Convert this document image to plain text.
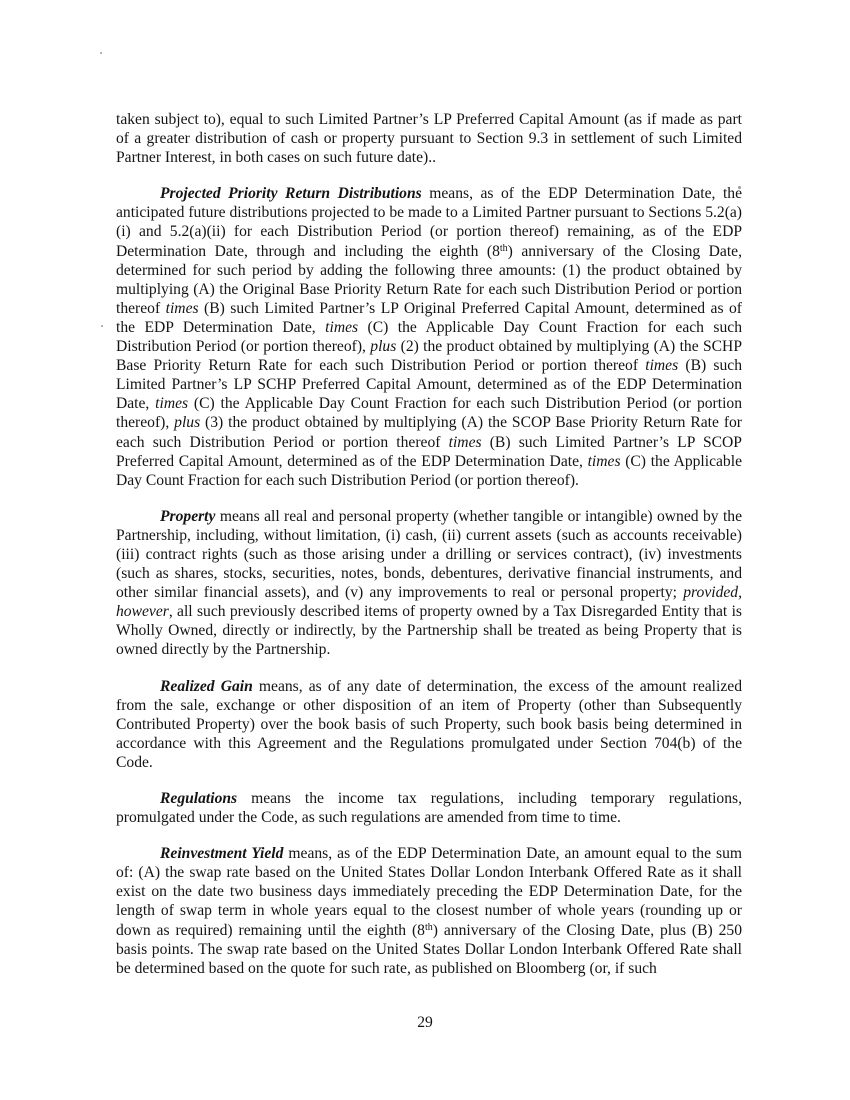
taken subject to), equal to such Limited Partner’s LP Preferred Capital Amount (as if made as part of a greater distribution of cash or property pursuant to Section 9.3 in settlement of such Limited Partner Interest, in both cases on such future date)..

Projected Priority Return Distributions means, as of the EDP Determination Date, the anticipated future distributions projected to be made to a Limited Partner pursuant to Sections 5.2(a)(i) and 5.2(a)(ii) for each Distribution Period (or portion thereof) remaining, as of the EDP Determination Date, through and including the eighth (8th) anniversary of the Closing Date, determined for such period by adding the following three amounts: (1) the product obtained by multiplying (A) the Original Base Priority Return Rate for each such Distribution Period or portion thereof times (B) such Limited Partner’s LP Original Preferred Capital Amount, determined as of the EDP Determination Date, times (C) the Applicable Day Count Fraction for each such Distribution Period (or portion thereof), plus (2) the product obtained by multiplying (A) the SCHP Base Priority Return Rate for each such Distribution Period or portion thereof times (B) such Limited Partner’s LP SCHP Preferred Capital Amount, determined as of the EDP Determination Date, times (C) the Applicable Day Count Fraction for each such Distribution Period (or portion thereof), plus (3) the product obtained by multiplying (A) the SCOP Base Priority Return Rate for each such Distribution Period or portion thereof times (B) such Limited Partner’s LP SCOP Preferred Capital Amount, determined as of the EDP Determination Date, times (C) the Applicable Day Count Fraction for each such Distribution Period (or portion thereof).

Property means all real and personal property (whether tangible or intangible) owned by the Partnership, including, without limitation, (i) cash, (ii) current assets (such as accounts receivable) (iii) contract rights (such as those arising under a drilling or services contract), (iv) investments (such as shares, stocks, securities, notes, bonds, debentures, derivative financial instruments, and other similar financial assets), and (v) any improvements to real or personal property; provided, however, all such previously described items of property owned by a Tax Disregarded Entity that is Wholly Owned, directly or indirectly, by the Partnership shall be treated as being Property that is owned directly by the Partnership.

Realized Gain means, as of any date of determination, the excess of the amount realized from the sale, exchange or other disposition of an item of Property (other than Subsequently Contributed Property) over the book basis of such Property, such book basis being determined in accordance with this Agreement and the Regulations promulgated under Section 704(b) of the Code.

Regulations means the income tax regulations, including temporary regulations, promulgated under the Code, as such regulations are amended from time to time.

Reinvestment Yield means, as of the EDP Determination Date, an amount equal to the sum of: (A) the swap rate based on the United States Dollar London Interbank Offered Rate as it shall exist on the date two business days immediately preceding the EDP Determination Date, for the length of swap term in whole years equal to the closest number of whole years (rounding up or down as required) remaining until the eighth (8th) anniversary of the Closing Date, plus (B) 250 basis points. The swap rate based on the United States Dollar London Interbank Offered Rate shall be determined based on the quote for such rate, as published on Bloomberg (or, if such

29
